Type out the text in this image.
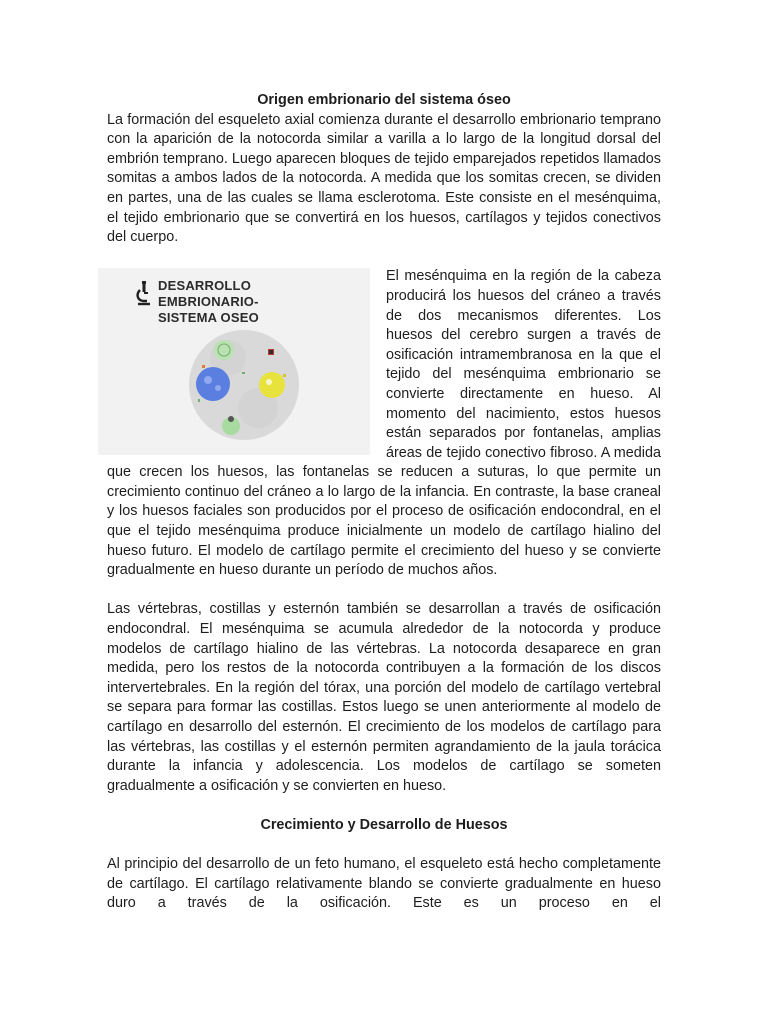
Origen embrionario del sistema óseo

La formación del esqueleto axial comienza durante el desarrollo embrionario temprano con la aparición de la notocorda similar a varilla a lo largo de la longitud dorsal del embrión temprano. Luego aparecen bloques de tejido emparejados repetidos llamados somitas a ambos lados de la notocorda. A medida que los somitas crecen, se dividen en partes, una de las cuales se llama esclerotoma. Este consiste en el mesénquima, el tejido embrionario que se convertirá en los huesos, cartílagos y tejidos conectivos del cuerpo.

DESARROLLO
EMBRIONARIO-
SISTEMA OSEO

El mesénquima en la región de la cabeza producirá los huesos del cráneo a través de dos mecanismos diferentes. Los huesos del cerebro surgen a través de osificación intramembranosa en la que el tejido del mesénquima embrionario se convierte directamente en hueso. Al momento del nacimiento, estos huesos están separados por fontanelas, amplias áreas de tejido conectivo fibroso. A medida que crecen los huesos, las fontanelas se reducen a suturas, lo que permite un crecimiento continuo del cráneo a lo largo de la infancia. En contraste, la base craneal y los huesos faciales son producidos por el proceso de osificación endocondral, en el que el tejido mesénquima produce inicialmente un modelo de cartílago hialino del hueso futuro. El modelo de cartílago permite el crecimiento del hueso y se convierte gradualmente en hueso durante un período de muchos años.

Las vértebras, costillas y esternón también se desarrollan a través de osificación endocondral. El mesénquima se acumula alrededor de la notocorda y produce modelos de cartílago hialino de las vértebras. La notocorda desaparece en gran medida, pero los restos de la notocorda contribuyen a la formación de los discos intervertebrales. En la región del tórax, una porción del modelo de cartílago vertebral se separa para formar las costillas. Estos luego se unen anteriormente al modelo de cartílago en desarrollo del esternón. El crecimiento de los modelos de cartílago para las vértebras, las costillas y el esternón permiten agrandamiento de la jaula torácica durante la infancia y adolescencia. Los modelos de cartílago se someten gradualmente a osificación y se convierten en hueso.

Crecimiento y Desarrollo de Huesos

Al principio del desarrollo de un feto humano, el esqueleto está hecho completamente de cartílago. El cartílago relativamente blando se convierte gradualmente en hueso duro a través de la osificación. Este es un proceso en el
